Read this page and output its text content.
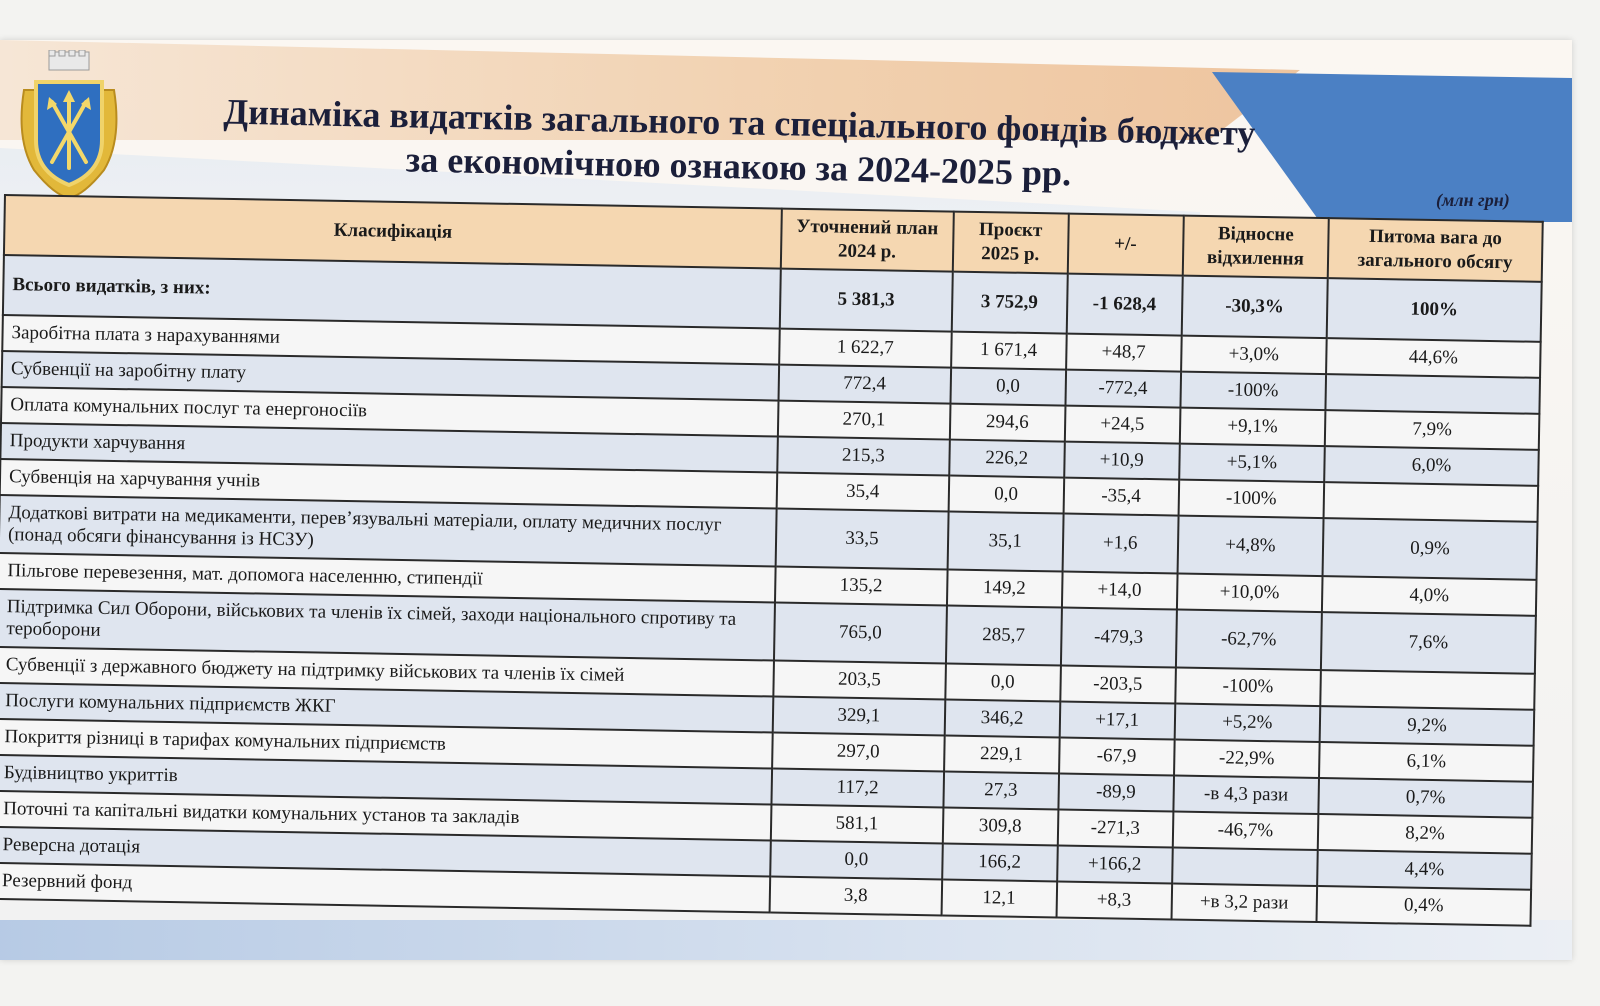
Динаміка видатків загального та спеціального фондів бюджету
за економічною ознакою за 2024-2025 рр.
(млн грн)
Класифікація	Уточнений план 2024 р.	Проєкт 2025 р.	+/-	Відносне відхилення	Питома вага до загального обсягу
Всього видатків, з них:	5 381,3	3 752,9	-1 628,4	-30,3%	100%
Заробітна плата з нарахуваннями	1 622,7	1 671,4	+48,7	+3,0%	44,6%
Субвенції на заробітну плату	772,4	0,0	-772,4	-100%	
Оплата комунальних послуг та енергоносіїв	270,1	294,6	+24,5	+9,1%	7,9%
Продукти харчування	215,3	226,2	+10,9	+5,1%	6,0%
Субвенція на харчування учнів	35,4	0,0	-35,4	-100%	
Додаткові витрати на медикаменти, перев’язувальні матеріали, оплату медичних послуг (понад обсяги фінансування із НСЗУ)	33,5	35,1	+1,6	+4,8%	0,9%
Пільгове перевезення, мат. допомога населенню, стипендії	135,2	149,2	+14,0	+10,0%	4,0%
Підтримка Сил Оборони, військових та членів їх сімей, заходи національного спротиву та тероборони	765,0	285,7	-479,3	-62,7%	7,6%
Субвенції з державного бюджету на підтримку військових та членів їх сімей	203,5	0,0	-203,5	-100%	
Послуги комунальних підприємств ЖКГ	329,1	346,2	+17,1	+5,2%	9,2%
Покриття різниці в тарифах комунальних підприємств	297,0	229,1	-67,9	-22,9%	6,1%
Будівництво укриттів	117,2	27,3	-89,9	-в 4,3 рази	0,7%
Поточні та капітальні видатки комунальних установ та закладів	581,1	309,8	-271,3	-46,7%	8,2%
Реверсна дотація	0,0	166,2	+166,2		4,4%
Резервний фонд	3,8	12,1	+8,3	+в 3,2 рази	0,4%
